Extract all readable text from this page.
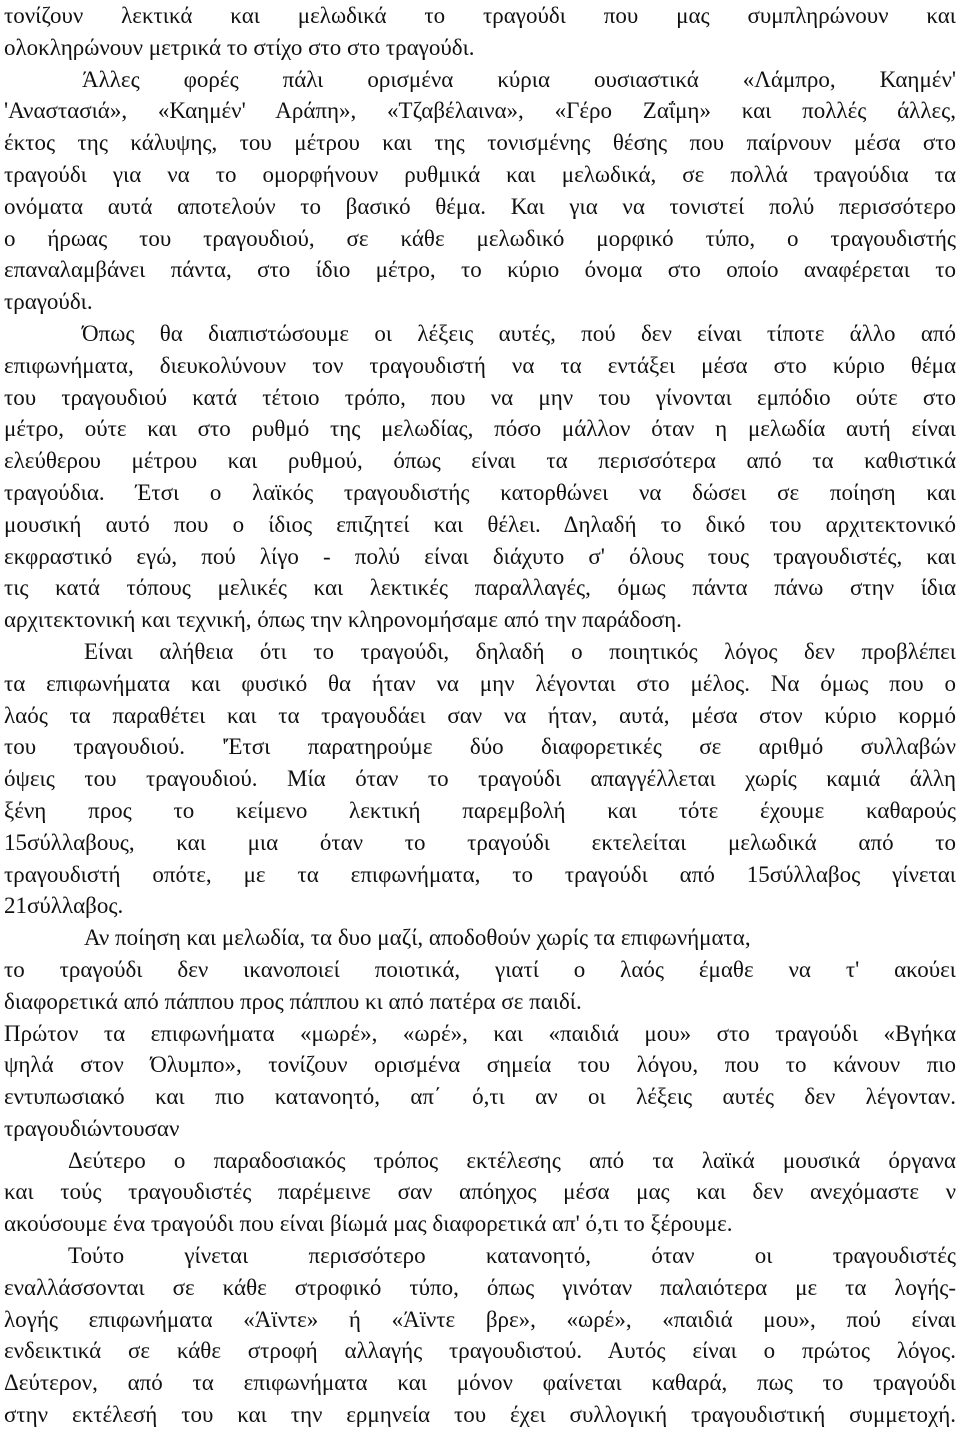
τονίζουν λεκτικά και μελωδικά το τραγούδι που μας συμπληρώνουν και
ολοκληρώνουν μετρικά το στίχο στο στο τραγούδι.
Άλλες φορές πάλι ορισμένα κύρια ουσιαστικά «Λάμπρο, Καημέν'
'Αναστασιά», «Καημέν' Αράπη», «Τζαβέλαινα», «Γέρο Ζαΐμη» και πολλές άλλες,
έκτος της κάλυψης, του μέτρου και της τονισμένης θέσης που παίρνουν μέσα στο
τραγούδι για να το ομορφήνουν ρυθμικά και μελωδικά, σε πολλά τραγούδια τα
ονόματα αυτά αποτελούν το βασικό θέμα. Και για να τονιστεί πολύ περισσότερο
ο ήρωας του τραγουδιού, σε κάθε μελωδικό μορφικό τύπο, ο τραγουδιστής
επαναλαμβάνει πάντα, στο ίδιο μέτρο, το κύριο όνομα στο οποίο αναφέρεται το
τραγούδι.
Όπως θα διαπιστώσουμε οι λέξεις αυτές, πού δεν είναι τίποτε άλλο από
επιφωνήματα, διευκολύνουν τον τραγουδιστή να τα εντάξει μέσα στο κύριο θέμα
του τραγουδιού κατά τέτοιο τρόπο, που να μην του γίνονται εμπόδιο ούτε στο
μέτρο, ούτε και στο ρυθμό της μελωδίας, πόσο μάλλον όταν η μελωδία αυτή είναι
ελεύθερου μέτρου και ρυθμού, όπως είναι τα περισσότερα από τα καθιστικά
τραγούδια. Έτσι ο λαϊκός τραγουδιστής κατορθώνει να δώσει σε ποίηση και
μουσική αυτό που ο ίδιος επιζητεί και θέλει. Δηλαδή το δικό του αρχιτεκτονικό
εκφραστικό εγώ, πού λίγο - πολύ είναι διάχυτο σ' όλους τους τραγουδιστές, και
τις κατά τόπους μελικές και λεκτικές παραλλαγές, όμως πάντα πάνω στην ίδια
αρχιτεκτονική και τεχνική, όπως την κληρονομήσαμε από την παράδοση.
Είναι αλήθεια ότι το τραγούδι, δηλαδή ο ποιητικός λόγος δεν προβλέπει
τα επιφωνήματα και φυσικό θα ήταν να μην λέγονται στο μέλος. Να όμως που ο
λαός τα παραθέτει και τα τραγουδάει σαν να ήταν, αυτά, μέσα στον κύριο κορμό
του τραγουδιού. 'Έτσι παρατηρούμε δύο διαφορετικές σε αριθμό συλλαβών
όψεις του τραγουδιού. Μία όταν το τραγούδι απαγγέλλεται χωρίς καμιά άλλη
ξένη προς το κείμενο λεκτική παρεμβολή και τότε έχουμε καθαρούς
15σύλλαβους, και μια όταν το τραγούδι εκτελείται μελωδικά από το
τραγουδιστή οπότε, με τα επιφωνήματα, το τραγούδι από 15σύλλαβος γίνεται
21σύλλαβος.
Αν ποίηση και μελωδία, τα δυο μαζί, αποδοθούν χωρίς τα επιφωνήματα,
το τραγούδι δεν ικανοποιεί ποιοτικά, γιατί ο λαός έμαθε να τ' ακούει
διαφορετικά από πάππου προς πάππου κι από πατέρα σε παιδί.
Πρώτον τα επιφωνήματα «μωρέ», «ωρέ», και «παιδιά μου» στο τραγούδι «Βγήκα
ψηλά στον Όλυμπο», τονίζουν ορισμένα σημεία του λόγου, που το κάνουν πιο
εντυπωσιακό και πιο κατανοητό, απ΄ ό,τι αν οι λέξεις αυτές δεν λέγονταν.
τραγουδιώντουσαν
Δεύτερο ο παραδοσιακός τρόπος εκτέλεσης από τα λαϊκά μουσικά όργανα
και τούς τραγουδιστές παρέμεινε σαν απόηχος μέσα μας και δεν ανεχόμαστε ν
ακούσουμε ένα τραγούδι που είναι βίωμά μας διαφορετικά απ' ό,τι το ξέρουμε.
Τούτο γίνεται περισσότερο κατανοητό, όταν οι τραγουδιστές
εναλλάσσονται σε κάθε στροφικό τύπο, όπως γινόταν παλαιότερα με τα λογής-
λογής επιφωνήματα «Άϊντε» ή «Άϊντε βρε», «ωρέ», «παιδιά μου», πού είναι
ενδεικτικά σε κάθε στροφή αλλαγής τραγουδιστού. Αυτός είναι ο πρώτος λόγος.
Δεύτερον, από τα επιφωνήματα και μόνον φαίνεται καθαρά, πως το τραγούδι
στην εκτέλεσή του και την ερμηνεία του έχει συλλογική τραγουδιστική συμμετοχή.
